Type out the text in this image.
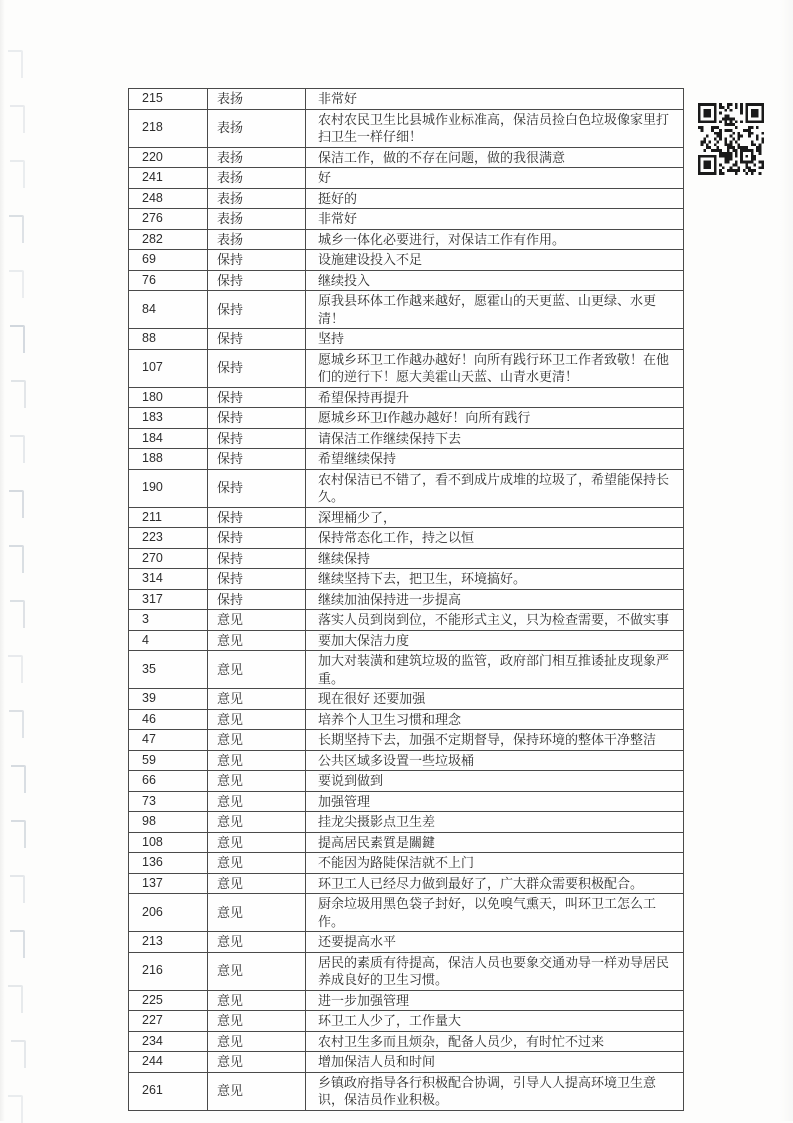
215	表扬	非常好
218	表扬	农村农民卫生比县城作业标准高，保洁员捡白色垃圾像家里打扫卫生一样仔细！
220	表扬	保洁工作，做的不存在问题，做的我很满意
241	表扬	好
248	表扬	挺好的
276	表扬	非常好
282	表扬	城乡一体化必要进行，对保诘工作有作用。
69	保持	设施建设投入不足
76	保持	继续投入
84	保持	原我县环体工作越来越好，愿霍山的天更蓝、山更绿、水更清！
88	保持	坚持
107	保持	愿城乡环卫工作越办越好！向所有践行环卫工作者致敬！在他们的逆行下！愿大美霍山天蓝、山青水更清！
180	保持	希望保持再提升
183	保持	愿城乡环卫I作越办越好！向所有践行
184	保持	请保洁工作继续保持下去
188	保持	希望继续保持
190	保持	农村保洁已不错了，看不到成片成堆的垃圾了，希望能保持长久。
211	保持	深埋桶少了，
223	保持	保持常态化工作，持之以恒
270	保持	继续保持
314	保持	继续坚持下去，把卫生，环境搞好。
317	保持	继续加油保持进一步提高
3	意见	落实人员到岗到位，不能形式主义，只为检查需要，不做实事
4	意见	要加大保洁力度
35	意见	加大对装潢和建筑垃圾的监管，政府部门相互推诿扯皮现象严重。
39	意见	现在很好 还要加强
46	意见	培养个人卫生习惯和理念
47	意见	长期坚持下去，加强不定期督导，保持环境的整体干净整洁
59	意见	公共区域多设置一些垃圾桶
66	意见	要说到做到
73	意见	加强管理
98	意见	挂龙尖摄影点卫生差
108	意见	提高居民素質是關鍵
136	意见	不能因为路陡保洁就不上门
137	意见	环卫工人已经尽力做到最好了，广大群众需要积极配合。
206	意见	厨余垃圾用黑色袋子封好，以免嗅气熏天，叫环卫工怎么工作。
213	意见	还要提高水平
216	意见	居民的素质有待提高，保洁人员也要象交通劝导一样劝导居民养成良好的卫生习惯。
225	意见	进一步加强管理
227	意见	环卫工人少了，工作量大
234	意见	农村卫生多而且烦杂，配备人员少，有时忙不过来
244	意见	增加保洁人员和时间
261	意见	乡镇政府指导各行积极配合协调，引导人人提高环境卫生意识，保洁员作业积极。
